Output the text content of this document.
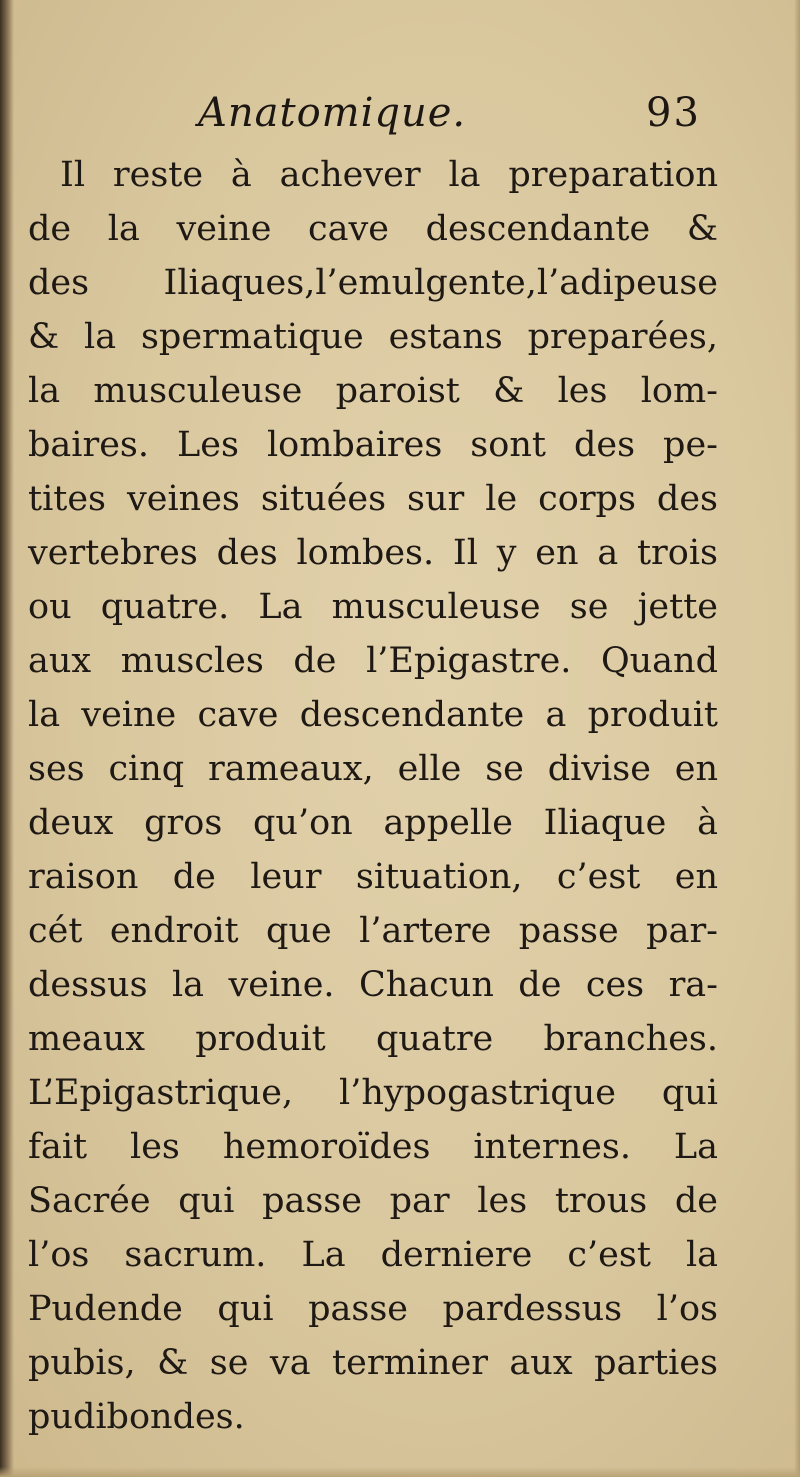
Anatomique.	93
Il reste à achever la preparation
de la veine cave descendante &
des Iliaques,l’emulgente,l’adipeuse
& la spermatique estans preparées,
la musculeuse paroist & les lom-
baires. Les lombaires sont des pe-
tites veines situées sur le corps des
vertebres des lombes. Il y en a trois
ou quatre. La musculeuse se jette
aux muscles de l’Epigastre. Quand
la veine cave descendante a produit
ses cinq rameaux, elle se divise en
deux gros qu’on appelle Iliaque à
raison de leur situation, c’est en
cét endroit que l’artere passe par-
dessus la veine. Chacun de ces ra-
meaux produit quatre branches.
L’Epigastrique, l’hypogastrique qui
fait les hemoroïdes internes. La
Sacrée qui passe par les trous de
l’os sacrum. La derniere c’est la
Pudende qui passe pardessus l’os
pubis, & se va terminer aux parties
pudibondes.
